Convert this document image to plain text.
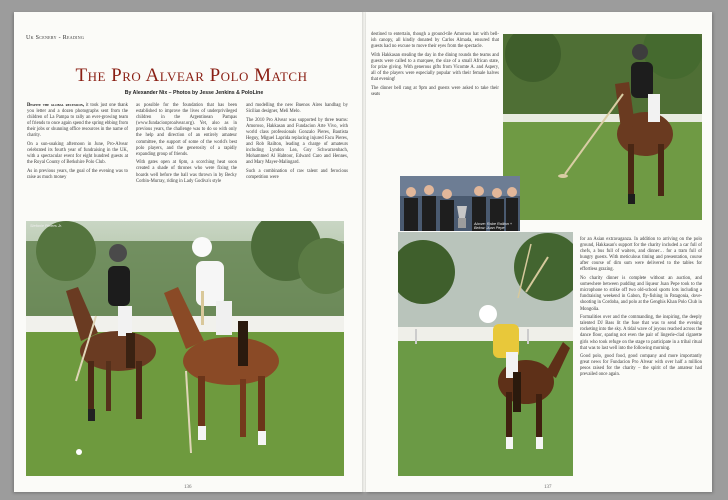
Uk Scenery - Reading
The Pro Alvear Polo Match
By Alexander Nix – Photos by Jesse Jenkins & PoloLine

Despite the global recession, it took just one thank you letter and a dozen photographs sent from the children of La Pampa to rally an ever-growing team of friends to once again spend the spring ebbing from their jobs or shunning office resources in the name of charity.

On a sun-soaking afternoon in June, Pro-Alvear celebrated its fourth year of fundraising in the UK, with a spectacular event for eight hundred guests at the Royal County of Berkshire Polo Club.

As in previous years, the goal of the evening was to raise as much money

as possible for the foundation that has been established to improve the lives of underprivileged children in the Argentinean Pampas (www.fundacionproalvear.org). Yet, also as in previous years, the challenge was to do so with only the help and direction of an entirely amateur committee, the support of some of the world's best polo players, and the generosity of a rapidly expanding group of friends.

With gates open at 6pm, a scorching heat soon created a shade of thrones who were fixing the boards well before the ball was thrown in by Becky Corbin-Murray, riding in Lady Godiva's style

and modelling the new Buenos Aires handbag by Sicilian designer, Meli Melo.

The 2010 Pro Alvear was supported by three teams: Amoroso, Hakkasan and Fundacion Arte Vivo, with world class professionals Gonzalo Pieres, Bautista Heguy, Miguel Laprida replacing injured Facu Pieres, and Rob Railton, leading a charge of amateurs including Lyndon Lea, Guy Schwarzenbach, Mohammed Al Habtoor, Edward Caro and Hennes, and Mary Mayer-Malingard.

Such a combination of raw talent and ferocious competition were

Stefanie Pieters Jr.
136

destined to entertain, though a ground-tile Amoroso hat with bell-ish canopy, all kindly donated by Carlos Almada, ensured that guests had no excuse to move their eyes from the spectacle.

With Hakkasan stealing the day in the dining rounds the teams and guests were called to a marquee, the size of a small African state, for prize giving. With generous gifts from Vicomte A. and Aspery, all of the players were especially popular with their female halves that evening!

The dinner bell rang at 9pm and guests were asked to take their seats

Above: Rabe Railton + Below: Juan Pepe

for an Asian extravaganza. In addition to arriving on the polo ground, Hakkasan's support for the charity included a car full of chefs, a bus full of waiters, and dinner… for a tram full of hungry guests. With meticulous timing and presentation, course after course of dim sum were delivered to the tables for effortless grazing.

No charity dinner is complete without an auction, and somewhere between pudding and liqueur Juan Pepe took to the microphone to strike off two old-school sports lots including a fundraising weekend in Gabon, fly-fishing in Patagonia, dove-shooting in Cordoba, and polo at the Genghis Khan Polo Club in Mongolia.

Formalities over and the commanding, the inspiring, the deeply talented DJ Bass lit the fuse that was to send the evening rocketing into the sky. A tidal wave of joyous reached across the dance floor, sparing not even the pair of lingerie-clad cigarette girls who took refuge on the stage to participate in a tribal ritual that was to last well into the following morning.

Good polo, good food, good company and more importantly great news for Fundacion Pro Alvear with over half a million pesos raised for the charity – the spirit of the amateur had prevailed once again.

137
